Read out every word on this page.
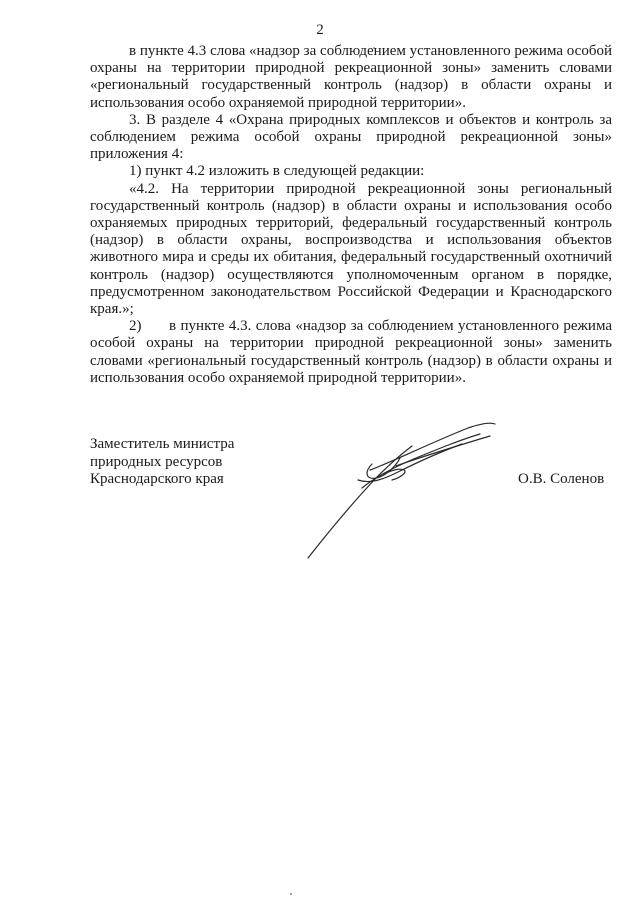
2

в пункте 4.3 слова «надзор за соблюдением установленного режима особой охраны на территории природной рекреационной зоны» заменить словами «региональный государственный контроль (надзор) в области охраны и использования особо охраняемой природной территории».

3. В разделе 4 «Охрана природных комплексов и объектов и контроль за соблюдением режима особой охраны природной рекреационной зоны» приложения 4:

1) пункт 4.2 изложить в следующей редакции:

«4.2. На территории природной рекреационной зоны региональный государственный контроль (надзор) в области охраны и использования особо охраняемых природных территорий, федеральный государственный контроль (надзор) в области охраны, воспроизводства и использования объектов животного мира и среды их обитания, федеральный государственный охотничий контроль (надзор) осуществляются уполномоченным органом в порядке, предусмотренном законодательством Российской Федерации и Краснодарского края.»;

2) в пункте 4.3. слова «надзор за соблюдением установленного режима особой охраны на территории природной рекреационной зоны» заменить словами «региональный государственный контроль (надзор) в области охраны и использования особо охраняемой природной территории».

Заместитель министра
природных ресурсов
Краснодарского края	О.В. Соленов
